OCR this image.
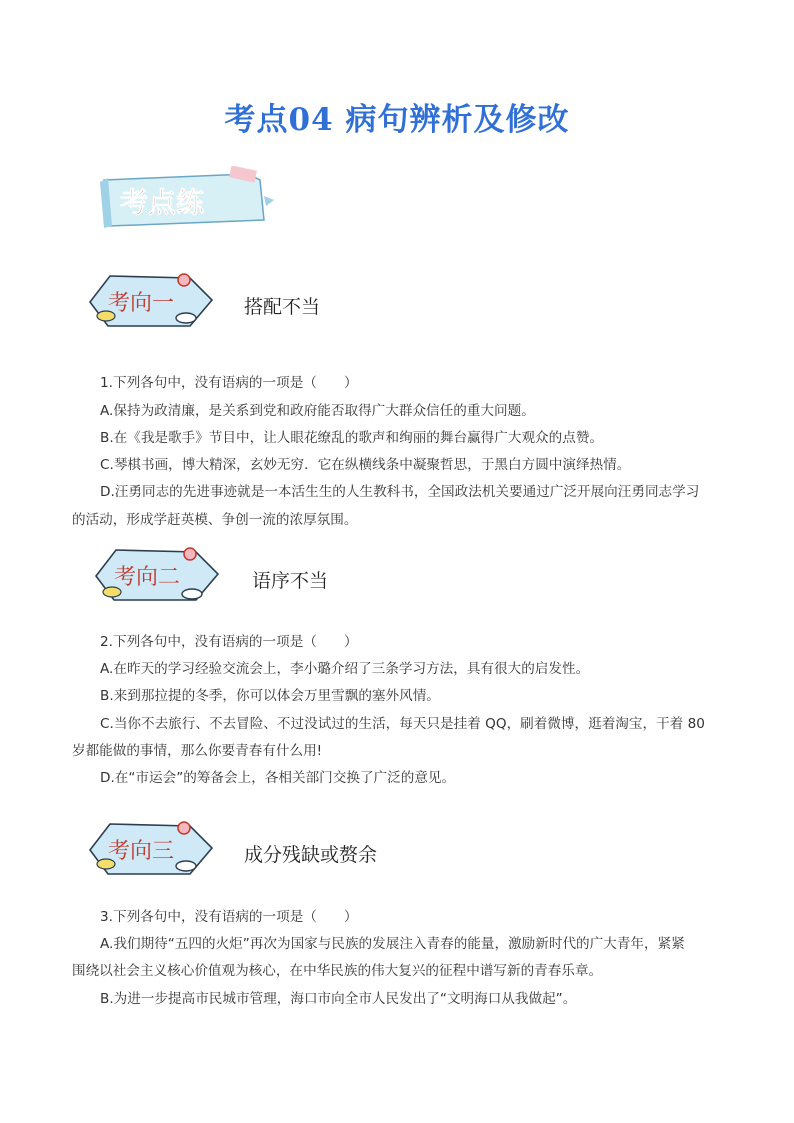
考点04 病句辨析及修改
考点练
考向一	搭配不当
1.下列各句中，没有语病的一项是（　　）
A.保持为政清廉，是关系到党和政府能否取得广大群众信任的重大问题。
B.在《我是歌手》节目中，让人眼花缭乱的歌声和绚丽的舞台赢得广大观众的点赞。
C.琴棋书画，博大精深，玄妙无穷．它在纵横线条中凝聚哲思，于黑白方圆中演绎热情。
D.汪勇同志的先进事迹就是一本活生生的人生教科书，全国政法机关要通过广泛开展向汪勇同志学习
的活动，形成学赶英模、争创一流的浓厚氛围。
考向二	语序不当
2.下列各句中，没有语病的一项是（　　）
A.在昨天的学习经验交流会上，李小璐介绍了三条学习方法，具有很大的启发性。
B.来到那拉提的冬季，你可以体会万里雪飘的塞外风情。
C.当你不去旅行、不去冒险、不过没试过的生活，每天只是挂着 QQ，刷着微博，逛着淘宝，干着 80
岁都能做的事情，那么你要青春有什么用!
D.在“市运会”的筹备会上，各相关部门交换了广泛的意见。
考向三	成分残缺或赘余
3.下列各句中，没有语病的一项是（　　）
A.我们期待“五四的火炬”再次为国家与民族的发展注入青春的能量，激励新时代的广大青年，紧紧
围绕以社会主义核心价值观为核心，在中华民族的伟大复兴的征程中谱写新的青春乐章。
B.为进一步提高市民城市管理，海口市向全市人民发出了“文明海口从我做起”。
